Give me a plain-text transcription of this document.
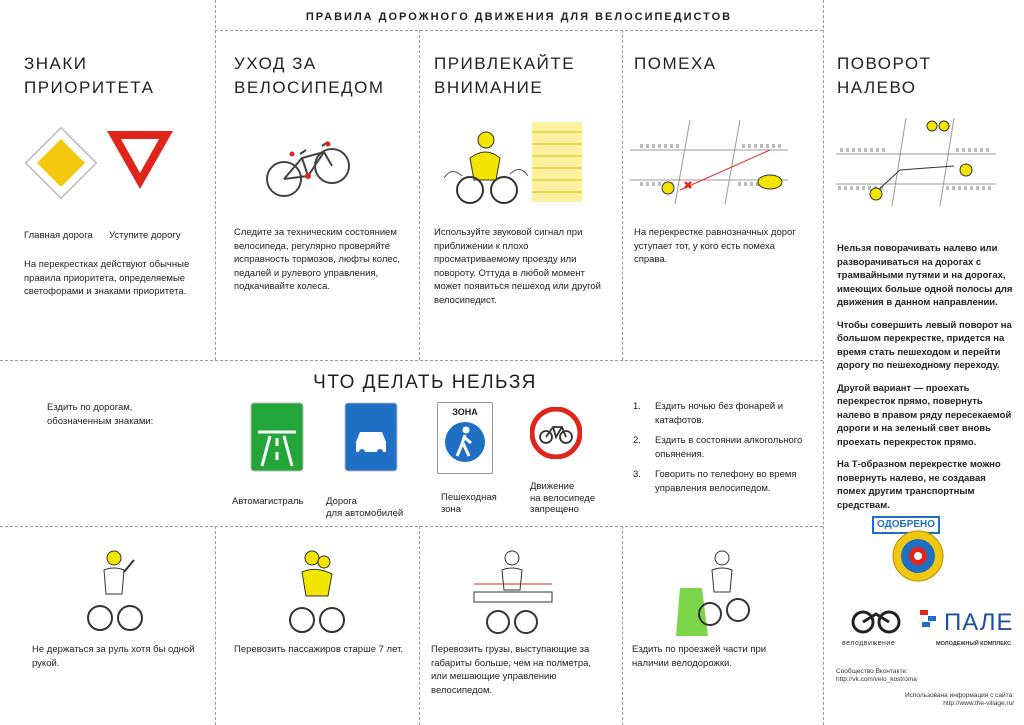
ПРАВИЛА ДОРОЖНОГО ДВИЖЕНИЯ ДЛЯ ВЕЛОСИПЕДИСТОВ
ЗНАКИ
ПРИОРИТЕТА
Главная дорога Уступите дорогу
На перекрестках действуют обычные правила приоритета, определяемые светофорами и знаками приоритета.
УХОД ЗА
ВЕЛОСИПЕДОМ
Следите за техническим состоянием велосипеда, регулярно проверяйте исправность тормозов, люфты колес, педалей и рулевого управления, подкачивайте колеса.
ПРИВЛЕКАЙТЕ
ВНИМАНИЕ
Используйте звуковой сигнал при приближении к плохо просматриваемому проезду или повороту. Оттуда в любой момент может появиться пешеход или другой велосипедист.
ПОМЕХА
На перекрестке равнозначных дорог уступает тот, у кого есть помеха справа.
ПОВОРОТ
НАЛЕВО

Нельзя поворачивать налево или разворачиваться на дорогах с трамвайными путями и на дорогах, имеющих больше одной полосы для движения в данном направлении.

Чтобы совершить левый поворот на большом перекрестке, придется на время стать пешеходом и перейти дорогу по пешеходному переходу.

Другой вариант — проехать перекресток прямо, повернуть налево в правом ряду пересекаемой дороги и на зеленый свет вновь проехать перекресток прямо.

На Т-образном перекрестке можно повернуть налево, не создавая помех другим транспортным средствам.

ЧТО ДЕЛАТЬ НЕЛЬЗЯ
Ездить по дорогам, обозначенным знаками:
ЗОНА
Автомагистраль Дорога
для автомобилей
Пешеходная
зона
Движение
на велосипеде
запрещено
1. Ездить ночью без фонарей и катафотов.
2. Ездить в состоянии алкогольного опьянения.
3. Говорить по телефону во время управления велосипедом.
Не держаться за руль хотя бы одной рукой.
Перевозить пассажиров старше 7 лет.	Перевозить грузы, выступающие за габариты больше, чем на полметра, или мешающие управлению велосипедом.
Ездить по проезжей части при наличии велодорожки.
ОДОБРЕНО
велодвижение
ПАЛЕ
МОЛОДЕЖНЫЙ КОМПЛЕКС
Сообщество Вконтакте:
http://vk.com/velo_kostroma
Использована информация с сайта:
http://www.the-village.ru/
